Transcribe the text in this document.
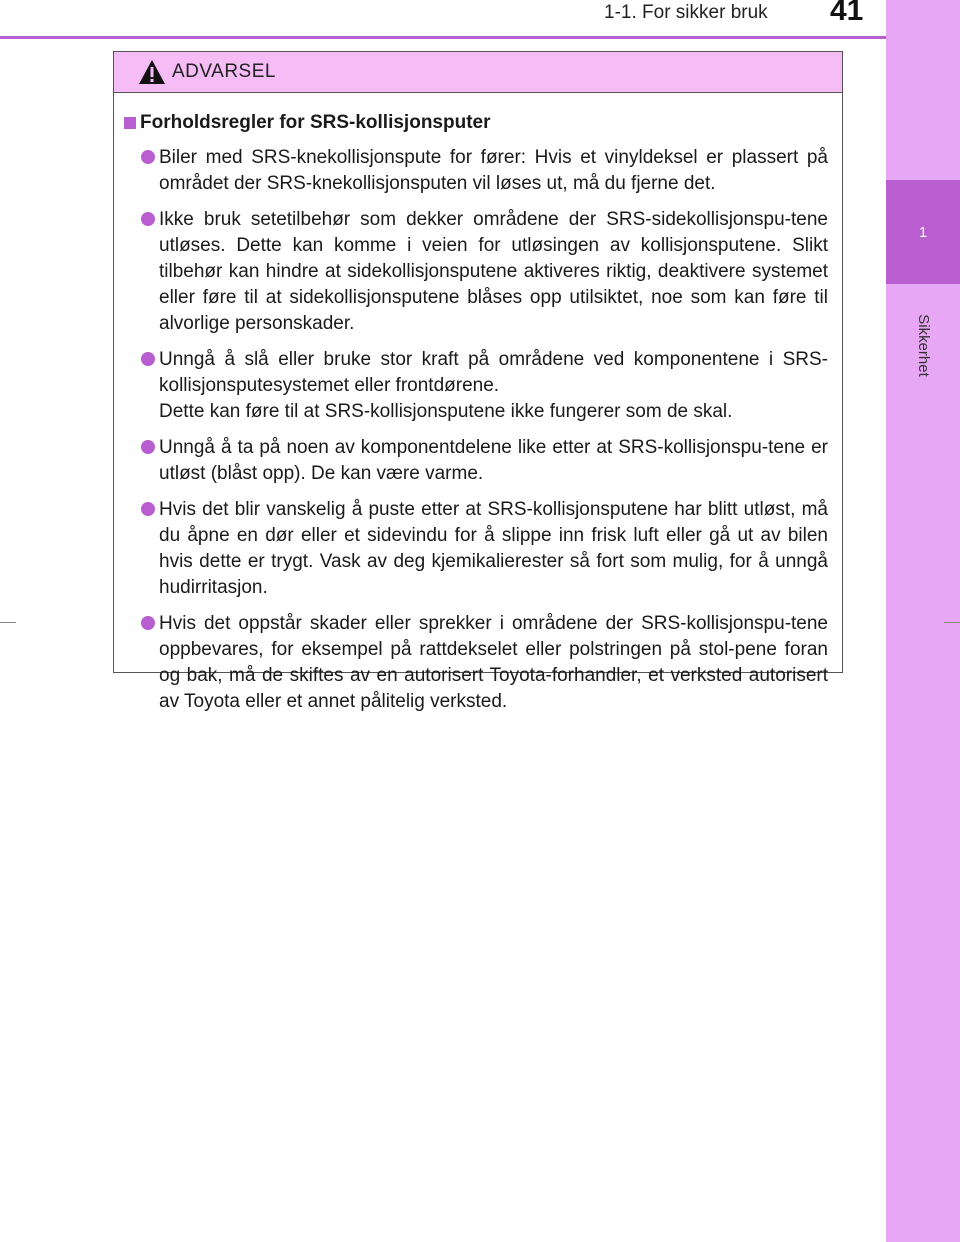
1
Sikkerhet
1-1. For sikker bruk 41
ADVARSEL
Forholdsregler for SRS-kollisjonsputer
Biler med SRS-knekollisjonspute for fører: Hvis et vinyldeksel er plassert på området der SRS-knekollisjonsputen vil løses ut, må du fjerne det.
Ikke bruk setetilbehør som dekker områdene der SRS-sidekollisjonspu-tene utløses. Dette kan komme i veien for utløsingen av kollisjonsputene. Slikt tilbehør kan hindre at sidekollisjonsputene aktiveres riktig, deaktivere systemet eller føre til at sidekollisjonsputene blåses opp utilsiktet, noe som kan føre til alvorlige personskader.
Unngå å slå eller bruke stor kraft på områdene ved komponentene i SRS-kollisjonsputesystemet eller frontdørene.
Dette kan føre til at SRS-kollisjonsputene ikke fungerer som de skal.
Unngå å ta på noen av komponentdelene like etter at SRS-kollisjonspu-tene er utløst (blåst opp). De kan være varme.
Hvis det blir vanskelig å puste etter at SRS-kollisjonsputene har blitt utløst, må du åpne en dør eller et sidevindu for å slippe inn frisk luft eller gå ut av bilen hvis dette er trygt. Vask av deg kjemikalierester så fort som mulig, for å unngå hudirritasjon.
Hvis det oppstår skader eller sprekker i områdene der SRS-kollisjonspu-tene oppbevares, for eksempel på rattdekselet eller polstringen på stol-pene foran og bak, må de skiftes av en autorisert Toyota-forhandler, et verksted autorisert av Toyota eller et annet pålitelig verksted.
